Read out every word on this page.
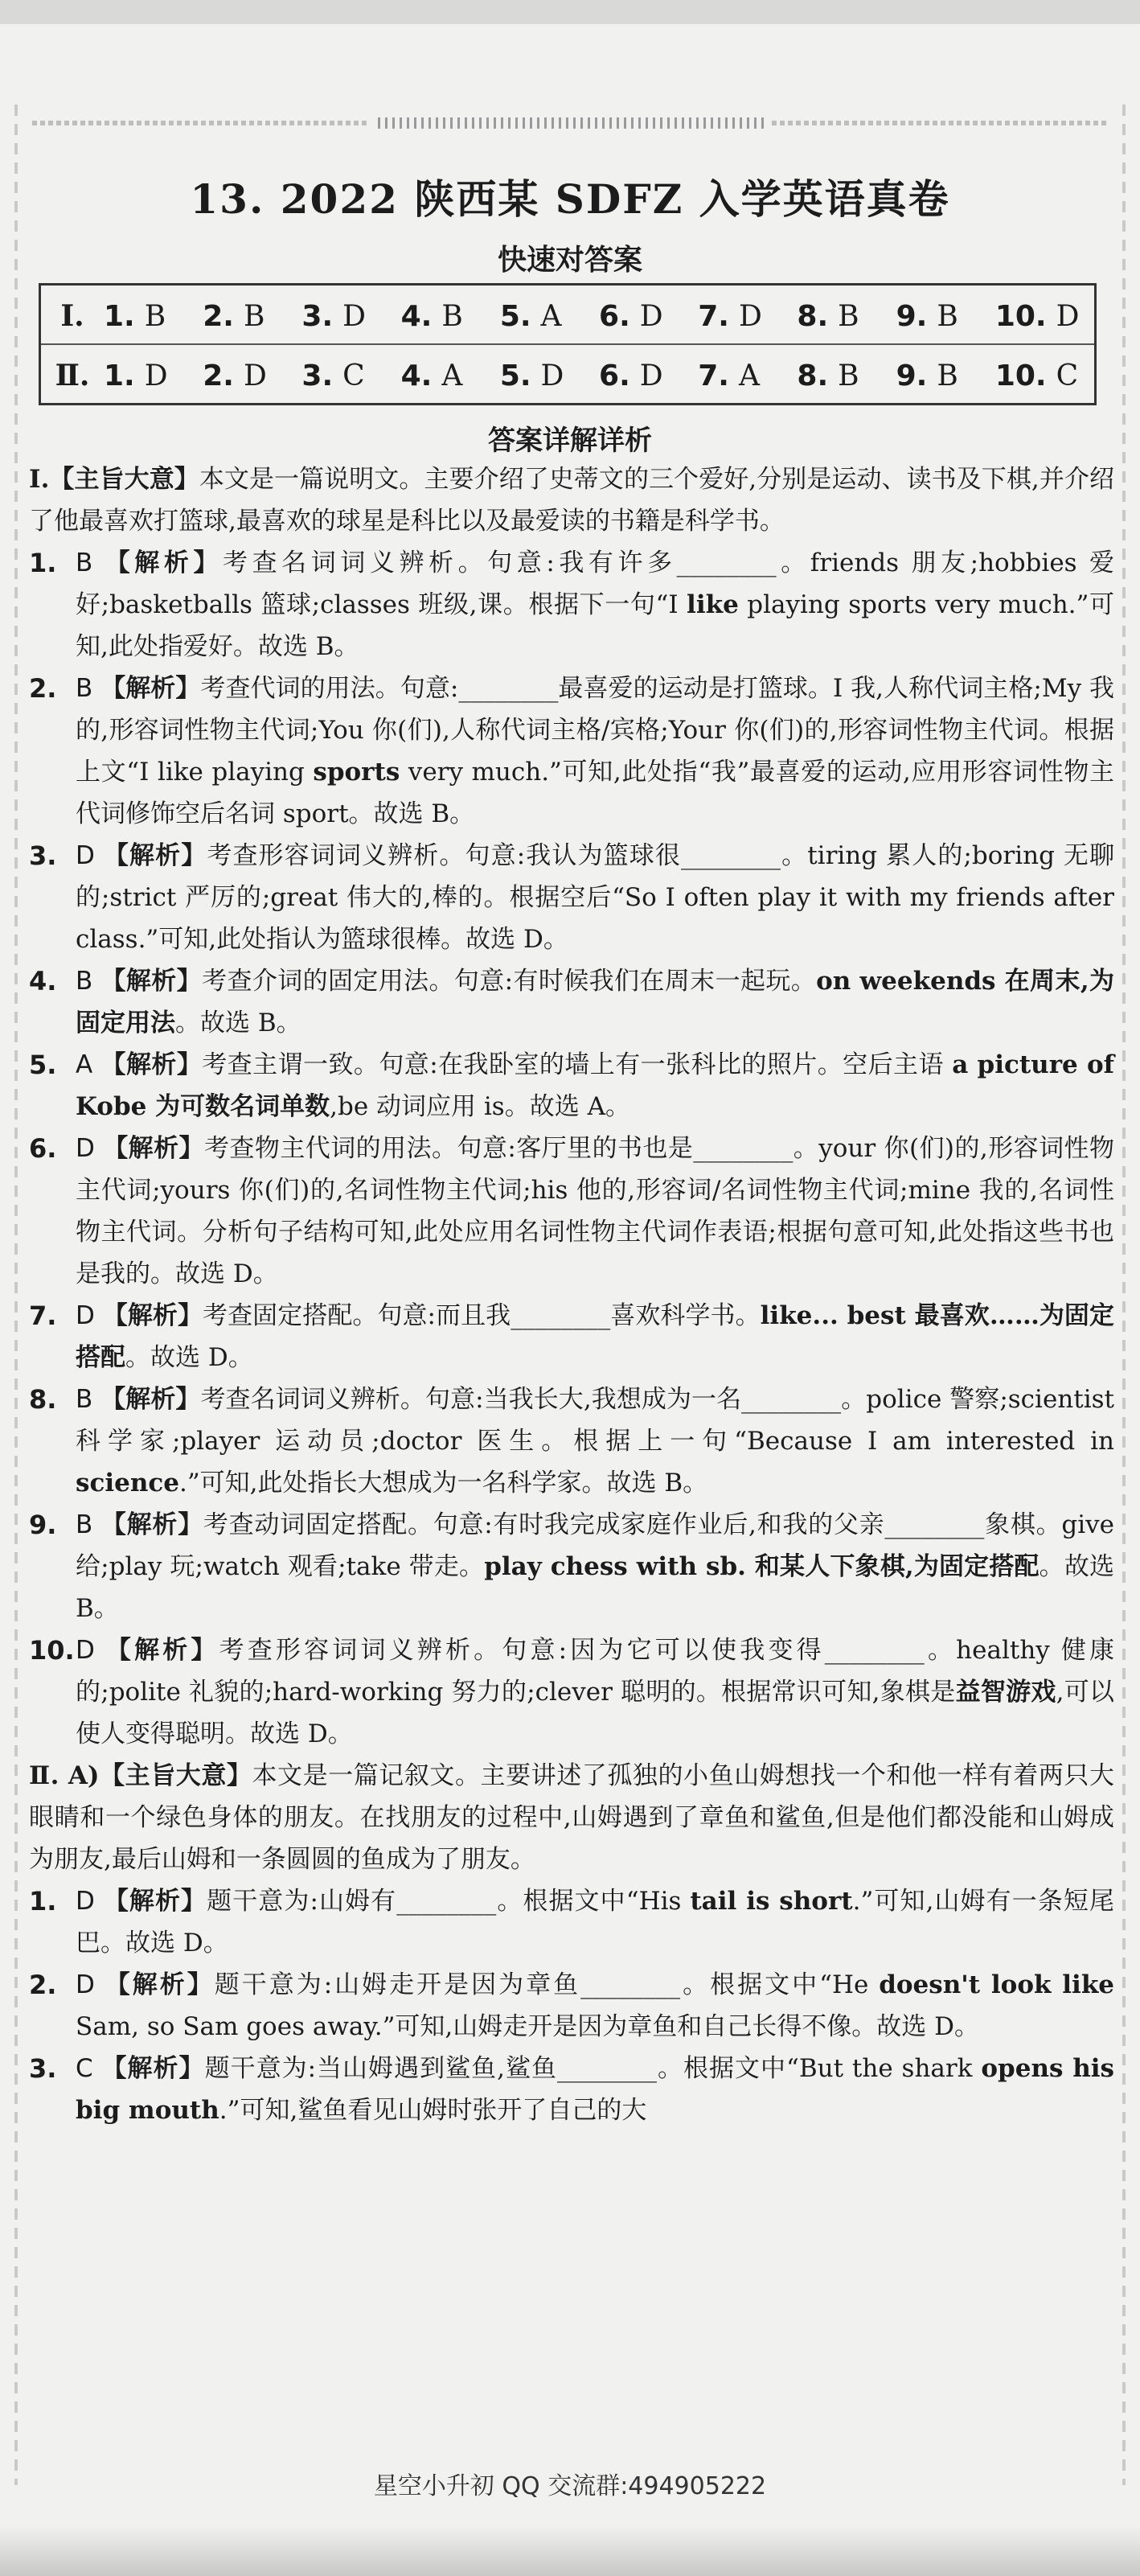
13. 2022 陕西某 SDFZ 入学英语真卷
快速对答案
Ⅰ. 1. B 2. B 3. D 4. B 5. A 6. D 7. D 8. B 9. B 10. D
Ⅱ. 1. D 2. D 3. C 4. A 5. D 6. D 7. A 8. B 9. B 10. C
答案详解详析

Ⅰ.【主旨大意】本文是一篇说明文。主要介绍了史蒂文的三个爱好,分别是运动、读书及下棋,并介绍了他最喜欢打篮球,最喜欢的球星是科比以及最爱读的书籍是科学书。

1. B 【解析】考查名词词义辨析。句意:我有许多________。friends 朋友;hobbies 爱好;basketballs 篮球;classes 班级,课。根据下一句“I like playing sports very much.”可知,此处指爱好。故选 B。
2. B 【解析】考查代词的用法。句意:________最喜爱的运动是打篮球。I 我,人称代词主格;My 我的,形容词性物主代词;You 你(们),人称代词主格/宾格;Your 你(们)的,形容词性物主代词。根据上文“I like playing sports very much.”可知,此处指“我”最喜爱的运动,应用形容词性物主代词修饰空后名词 sport。故选 B。
3. D 【解析】考查形容词词义辨析。句意:我认为篮球很________。tiring 累人的;boring 无聊的;strict 严厉的;great 伟大的,棒的。根据空后“So I often play it with my friends after class.”可知,此处指认为篮球很棒。故选 D。
4. B 【解析】考查介词的固定用法。句意:有时候我们在周末一起玩。on weekends 在周末,为固定用法。故选 B。
5. A 【解析】考查主谓一致。句意:在我卧室的墙上有一张科比的照片。空后主语 a picture of Kobe 为可数名词单数,be 动词应用 is。故选 A。
6. D 【解析】考查物主代词的用法。句意:客厅里的书也是________。your 你(们)的,形容词性物主代词;yours 你(们)的,名词性物主代词;his 他的,形容词/名词性物主代词;mine 我的,名词性物主代词。分析句子结构可知,此处应用名词性物主代词作表语;根据句意可知,此处指这些书也是我的。故选 D。
7. D 【解析】考查固定搭配。句意:而且我________喜欢科学书。like... best 最喜欢……为固定搭配。故选 D。
8. B 【解析】考查名词词义辨析。句意:当我长大,我想成为一名________。police 警察;scientist 科学家;player 运动员;doctor 医生。根据上一句“Because I am interested in science.”可知,此处指长大想成为一名科学家。故选 B。
9. B 【解析】考查动词固定搭配。句意:有时我完成家庭作业后,和我的父亲________象棋。give 给;play 玩;watch 观看;take 带走。play chess with sb. 和某人下象棋,为固定搭配。故选 B。
10. D 【解析】考查形容词词义辨析。句意:因为它可以使我变得________。healthy 健康的;polite 礼貌的;hard-working 努力的;clever 聪明的。根据常识可知,象棋是益智游戏,可以使人变得聪明。故选 D。

Ⅱ. A)【主旨大意】本文是一篇记叙文。主要讲述了孤独的小鱼山姆想找一个和他一样有着两只大眼睛和一个绿色身体的朋友。在找朋友的过程中,山姆遇到了章鱼和鲨鱼,但是他们都没能和山姆成为朋友,最后山姆和一条圆圆的鱼成为了朋友。

1. D 【解析】题干意为:山姆有________。根据文中“His tail is short.”可知,山姆有一条短尾巴。故选 D。
2. D 【解析】题干意为:山姆走开是因为章鱼________。根据文中“He doesn't look like Sam, so Sam goes away.”可知,山姆走开是因为章鱼和自己长得不像。故选 D。
3. C 【解析】题干意为:当山姆遇到鲨鱼,鲨鱼________。根据文中“But the shark opens his big mouth.”可知,鲨鱼看见山姆时张开了自己的大
星空小升初 QQ 交流群:494905222
